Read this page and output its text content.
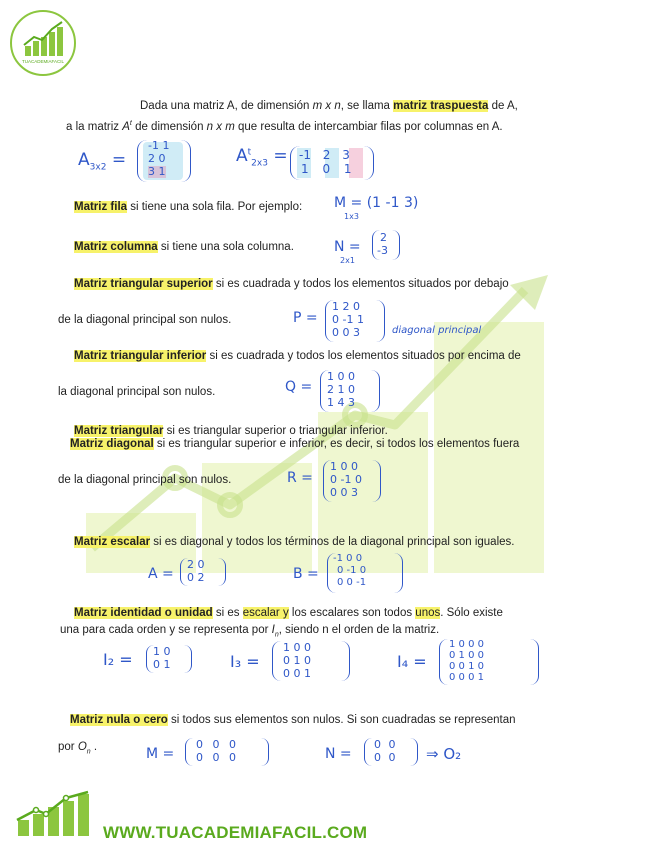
TUACADEMIAFACIL
Dada una matriz A, de dimensión m x n, se llama matriz traspuesta de A,
a la matriz $A^t$ de dimensión n x m que resulta de intercambiar filas por columnas en A.
$A_{3x2}$ =
-1 1
2 0
3 1
$A^t_{2x3} = -1$ 2 3
1 0 1
Matriz fila si tiene una sola fila. Por ejemplo: M = (1 -1 3)
1x3
Matriz columna si tiene una sola columna.	N =
2x1
2
-3
Matriz triangular superior si es cuadrada y todos los elementos situados por debajo
de la diagonal principal son nulos.	P =
1 2 0
0 -1 1
0 0 3	diagonal principal
Matriz triangular inferior si es cuadrada y todos los elementos situados por encima de
la diagonal principal son nulos.	Q =
1 0 0
2 1 0
1 4 3
Matriz triangular si es triangular superior o triangular inferior.
Matriz diagonal si es triangular superior e inferior, es decir, si todos los elementos fuera
de la diagonal principal son nulos.	R =
1 0 0
0 -1 0
0 0 3
Matriz escalar si es diagonal y todos los términos de la diagonal principal son iguales.
A =
2 0
0 2	B =
-1 0 0
0 -1 0
0 0 -1
Matriz identidad o unidad si es escalar y los escalares son todos unos. Sólo existe
una para cada orden y se representa por $I_n$, siendo n el orden de la matriz.
I₂ = 1 0
0 1	I₃ =
1 0 0
0 1 0
0 0 1
I₄ =
1 0 0 0
0 1 0 0
0 0 1 0
0 0 0 1
Matriz nula o cero si todos sus elementos son nulos. Si son cuadradas se representan
por $O_n$ .	M =
0 0 0
0 0 0	N =
0 0
0 0 ⇒ O₂
WWW.TUACADEMIAFACIL.COM
